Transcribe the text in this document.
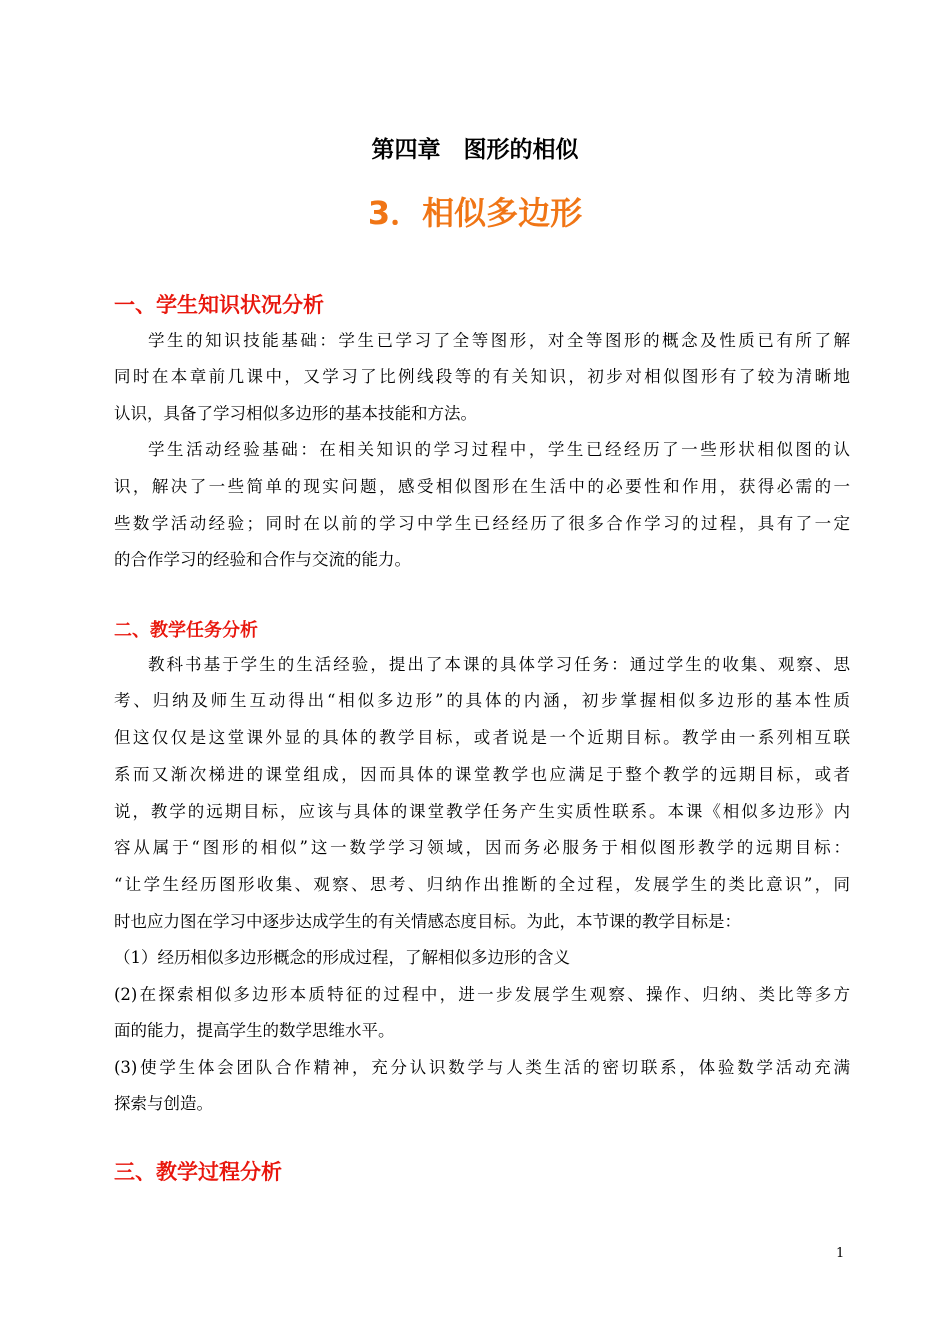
第四章　图形的相似
3．相似多边形
一、学生知识状况分析
学生的知识技能基础：学生已学习了全等图形，对全等图形的概念及性质已有所了解
同时在本章前几课中，又学习了比例线段等的有关知识，初步对相似图形有了较为清晰地
认识，具备了学习相似多边形的基本技能和方法。
学生活动经验基础：在相关知识的学习过程中，学生已经经历了一些形状相似图的认
识，解决了一些简单的现实问题，感受相似图形在生活中的必要性和作用，获得必需的一
些数学活动经验；同时在以前的学习中学生已经经历了很多合作学习的过程，具有了一定
的合作学习的经验和合作与交流的能力。
二、教学任务分析
教科书基于学生的生活经验，提出了本课的具体学习任务：通过学生的收集、观察、思
考、归纳及师生互动得出“相似多边形”的具体的内涵，初步掌握相似多边形的基本性质
但这仅仅是这堂课外显的具体的教学目标，或者说是一个近期目标。教学由一系列相互联
系而又渐次梯进的课堂组成，因而具体的课堂教学也应满足于整个教学的远期目标，或者
说，教学的远期目标，应该与具体的课堂教学任务产生实质性联系。本课《相似多边形》内
容从属于“图形的相似”这一数学学习领域，因而务必服务于相似图形教学的远期目标：
“让学生经历图形收集、观察、思考、归纳作出推断的全过程，发展学生的类比意识”，同
时也应力图在学习中逐步达成学生的有关情感态度目标。为此，本节课的教学目标是：
（1）经历相似多边形概念的形成过程，了解相似多边形的含义
(2)在探索相似多边形本质特征的过程中，进一步发展学生观察、操作、归纳、类比等多方
面的能力，提高学生的数学思维水平。
(3)使学生体会团队合作精神，充分认识数学与人类生活的密切联系，体验数学活动充满
探索与创造。
三、教学过程分析
1
